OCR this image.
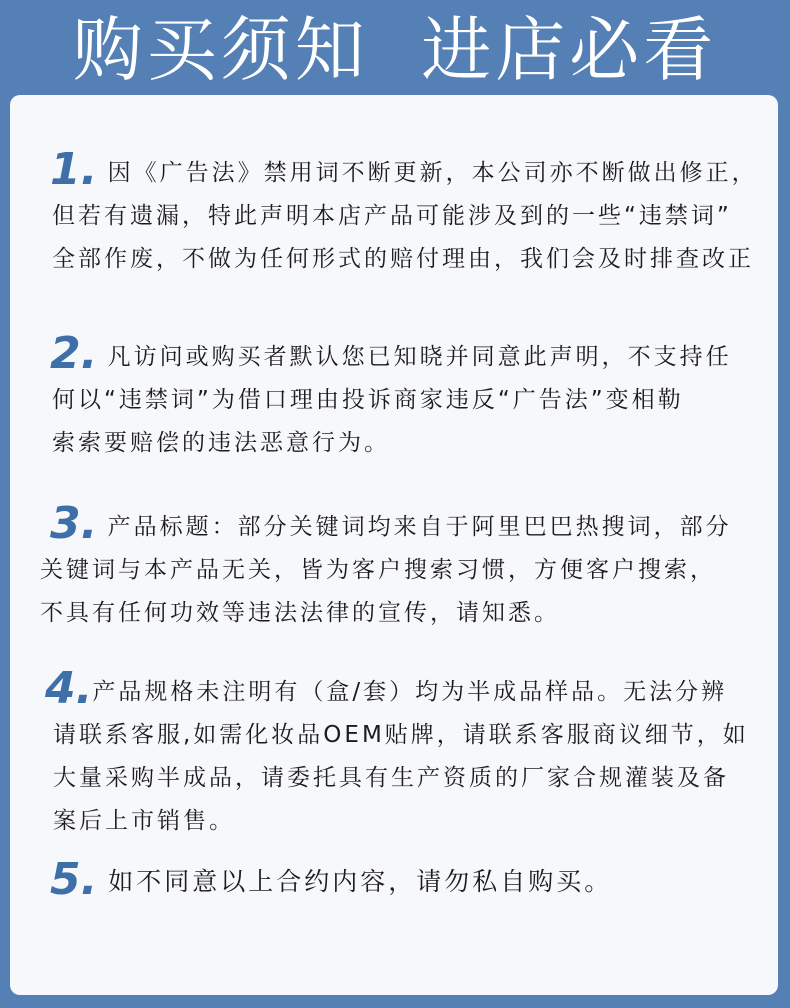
购买须知  进店必看
1. 因《广告法》禁用词不断更新，本公司亦不断做出修正，
但若有遗漏，特此声明本店产品可能涉及到的一些“违禁词”
全部作废，不做为任何形式的赔付理由，我们会及时排查改正
2. 凡访问或购买者默认您已知晓并同意此声明，不支持任
何以“违禁词”为借口理由投诉商家违反“广告法”变相勒
索索要赔偿的违法恶意行为。
3. 产品标题：部分关键词均来自于阿里巴巴热搜词，部分
关键词与本产品无关，皆为客户搜索习惯，方便客户搜索，
不具有任何功效等违法法律的宣传，请知悉。
4.产品规格未注明有（盒/套）均为半成品样品。无法分辨
请联系客服,如需化妆品OEM贴牌，请联系客服商议细节，如
大量采购半成品，请委托具有生产资质的厂家合规灌装及备
案后上市销售。
5. 如不同意以上合约内容，请勿私自购买。
